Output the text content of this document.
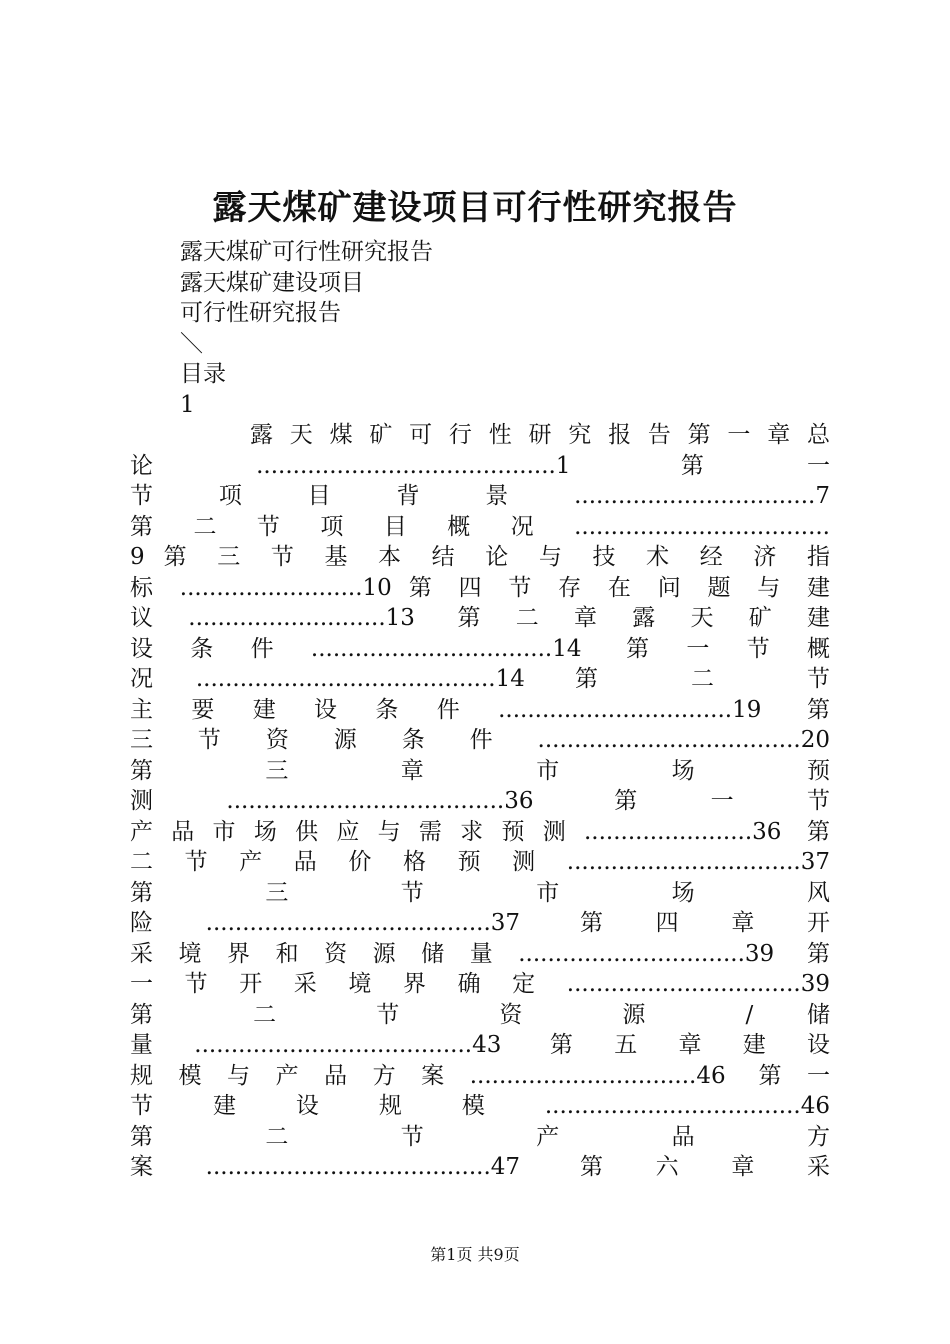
露天煤矿建设项目可行性研究报告
露天煤矿可行性研究报告
露天煤矿建设项目
可行性研究报告
＼
目录
1
露 天 煤 矿 可 行 性 研 究 报 告 第 一 章 总
论.........................................1 第一
节 项 目 背 景 .................................7
第二节项目概况...................................
9 第 三 节 基 本 结 论 与 技 术 经 济 指
标 .........................10 第 四 节 存 在 问 题 与 建
议...........................13 第二章露天矿建
设条件.................................14 第一节概
况.........................................14 第 二 节
主要建设条件................................19 第
三节资源条件....................................20
第 三 章 市 场 预
测......................................36 第一节
产品市场供应与需求预测.......................36 第
二节产品价格预测................................37
第 三 节 市 场 风
险.......................................37 第四章开
采境界和资源储量...............................39 第
一节开采境界确定................................39
第 二 节 资 源 / 储
量......................................43 第五章建设
规模与产品方案...............................46 第一
节 建 设 规 模 ...................................46
第 二 节 产 品 方
案.......................................47 第六章采
第1页 共9页
